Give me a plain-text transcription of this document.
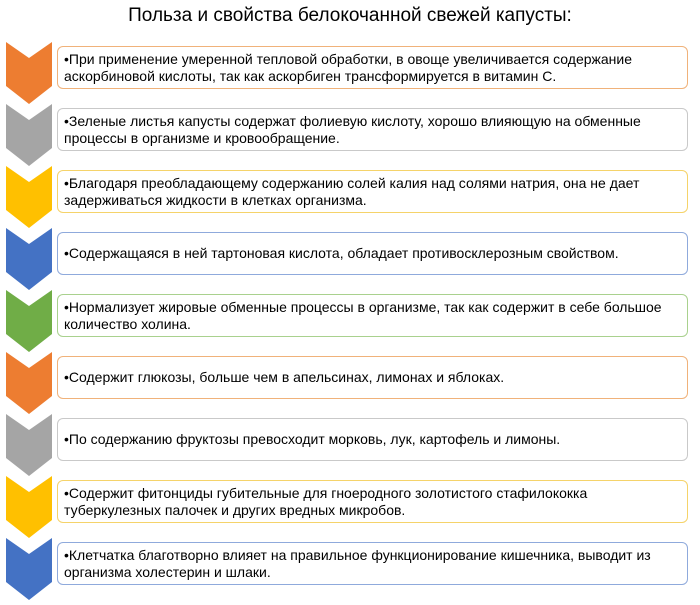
Польза и свойства белокочанной свежей капусты:
•При применение умеренной тепловой обработки, в овоще увеличивается содержание аскорбиновой кислоты, так как аскорбиген трансформируется в витамин С.
•Зеленые листья капусты содержат фолиевую кислоту, хорошо влияющую на обменные процессы в организме и кровообращение.
•Благодаря преобладающему содержанию солей калия над солями натрия, она не дает задерживаться жидкости в клетках организма.
•Содержащаяся в ней тартоновая кислота, обладает противосклерозным свойством.
•Нормализует жировые обменные процессы в организме, так как содержит в себе большое количество холина.
•Содержит глюкозы, больше чем в апельсинах, лимонах и яблоках.
•По содержанию фруктозы превосходит морковь, лук, картофель и лимоны.
•Содержит фитонциды губительные для гноеродного золотистого стафилококка туберкулезных палочек и других вредных микробов.
•Клетчатка благотворно влияет на правильное функционирование кишечника, выводит из организма холестерин и шлаки.
